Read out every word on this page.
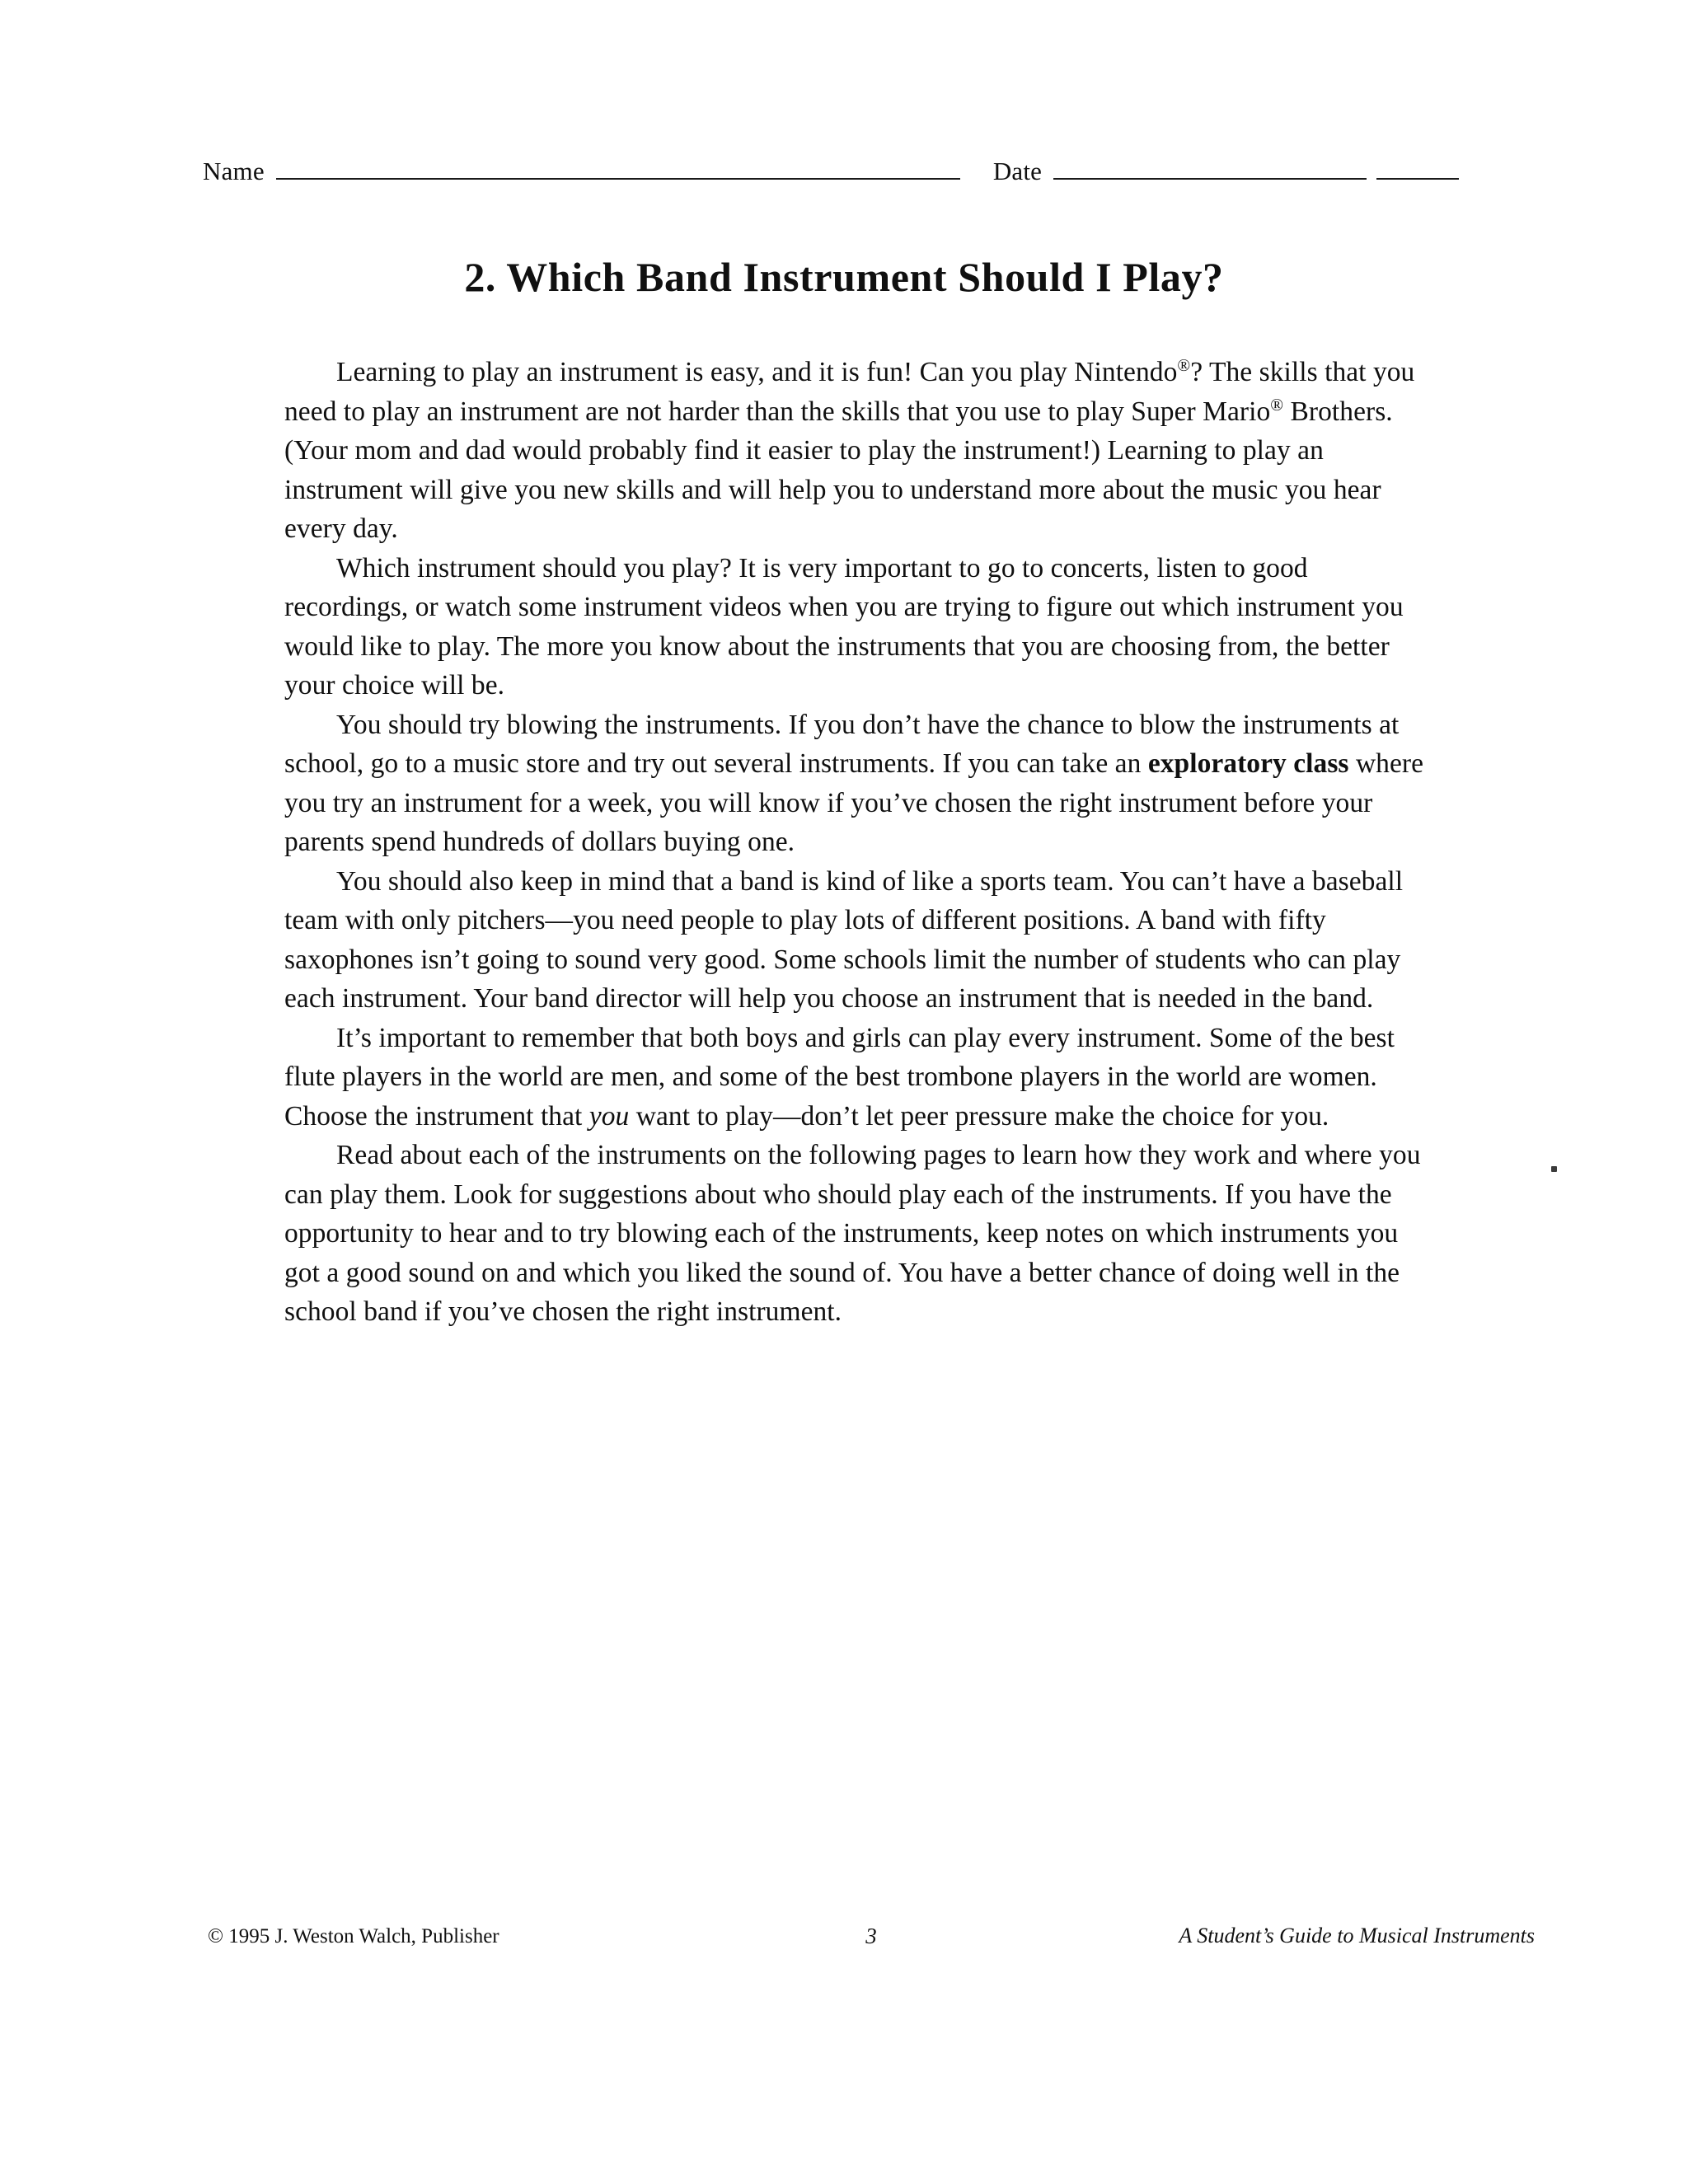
Name	Date
2. Which Band Instrument Should I Play?

Learning to play an instrument is easy, and it is fun! Can you play Nintendo®? The skills that you need to play an instrument are not harder than the skills that you use to play Super Mario® Brothers. (Your mom and dad would probably find it easier to play the instrument!) Learning to play an instrument will give you new skills and will help you to understand more about the music you hear every day.

Which instrument should you play? It is very important to go to concerts, listen to good recordings, or watch some instrument videos when you are trying to figure out which instrument you would like to play. The more you know about the instruments that you are choosing from, the better your choice will be.

You should try blowing the instruments. If you don’t have the chance to blow the instruments at school, go to a music store and try out several instruments. If you can take an exploratory class where you try an instrument for a week, you will know if you’ve chosen the right instrument before your parents spend hundreds of dollars buying one.

You should also keep in mind that a band is kind of like a sports team. You can’t have a baseball team with only pitchers—you need people to play lots of different positions. A band with fifty saxophones isn’t going to sound very good. Some schools limit the number of students who can play each instrument. Your band director will help you choose an instrument that is needed in the band.

It’s important to remember that both boys and girls can play every instrument. Some of the best flute players in the world are men, and some of the best trombone players in the world are women. Choose the instrument that you want to play—don’t let peer pressure make the choice for you.

Read about each of the instruments on the following pages to learn how they work and where you can play them. Look for suggestions about who should play each of the instruments. If you have the opportunity to hear and to try blowing each of the instruments, keep notes on which instruments you got a good sound on and which you liked the sound of. You have a better chance of doing well in the school band if you’ve chosen the right instrument.

© 1995 J. Weston Walch, Publisher	3	A Student’s Guide to Musical Instruments
